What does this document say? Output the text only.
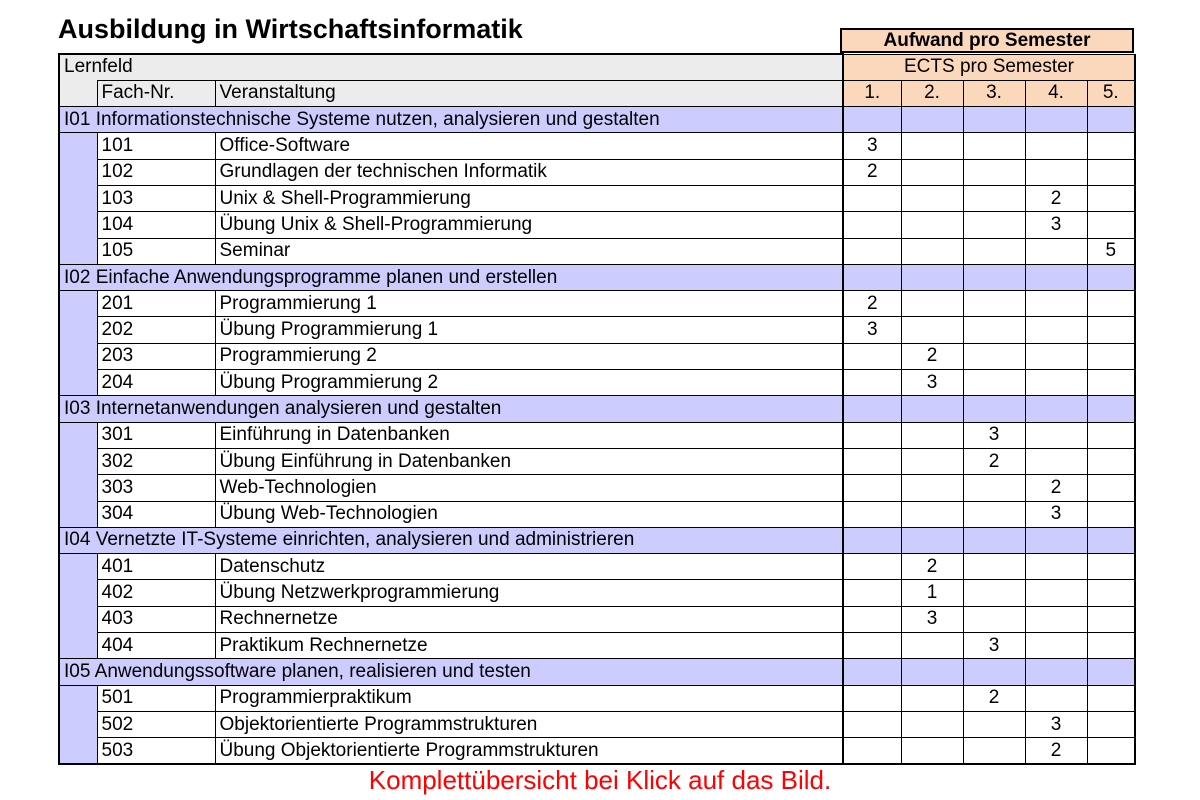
Ausbildung in Wirtschaftsinformatik	Aufwand pro Semester
Lernfeld			ECTS pro Semester				
	Fach-Nr.	Veranstaltung	1.	2.	3.	4.	5.
I01 Informationstechnische Systeme nutzen, analysieren und gestalten							
	101	Office-Software	3				
	102	Grundlagen der technischen Informatik	2				
	103	Unix & Shell-Programmierung				2	
	104	Übung Unix & Shell-Programmierung				3	
	105	Seminar					5
I02 Einfache Anwendungsprogramme planen und erstellen							
	201	Programmierung 1	2				
	202	Übung Programmierung 1	3				
	203	Programmierung 2		2			
	204	Übung Programmierung 2		3			
I03 Internetanwendungen analysieren und gestalten							
	301	Einführung in Datenbanken			3		
	302	Übung Einführung in Datenbanken			2		
	303	Web-Technologien				2	
	304	Übung Web-Technologien				3	
I04 Vernetzte IT-Systeme einrichten, analysieren und administrieren							
	401	Datenschutz		2			
	402	Übung Netzwerkprogrammierung		1			
	403	Rechnernetze		3			
	404	Praktikum Rechnernetze			3		
I05 Anwendungssoftware planen, realisieren und testen							
	501	Programmierpraktikum			2		
	502	Objektorientierte Programmstrukturen				3	
	503	Übung Objektorientierte Programmstrukturen				2	
Komplettübersicht bei Klick auf das Bild.
